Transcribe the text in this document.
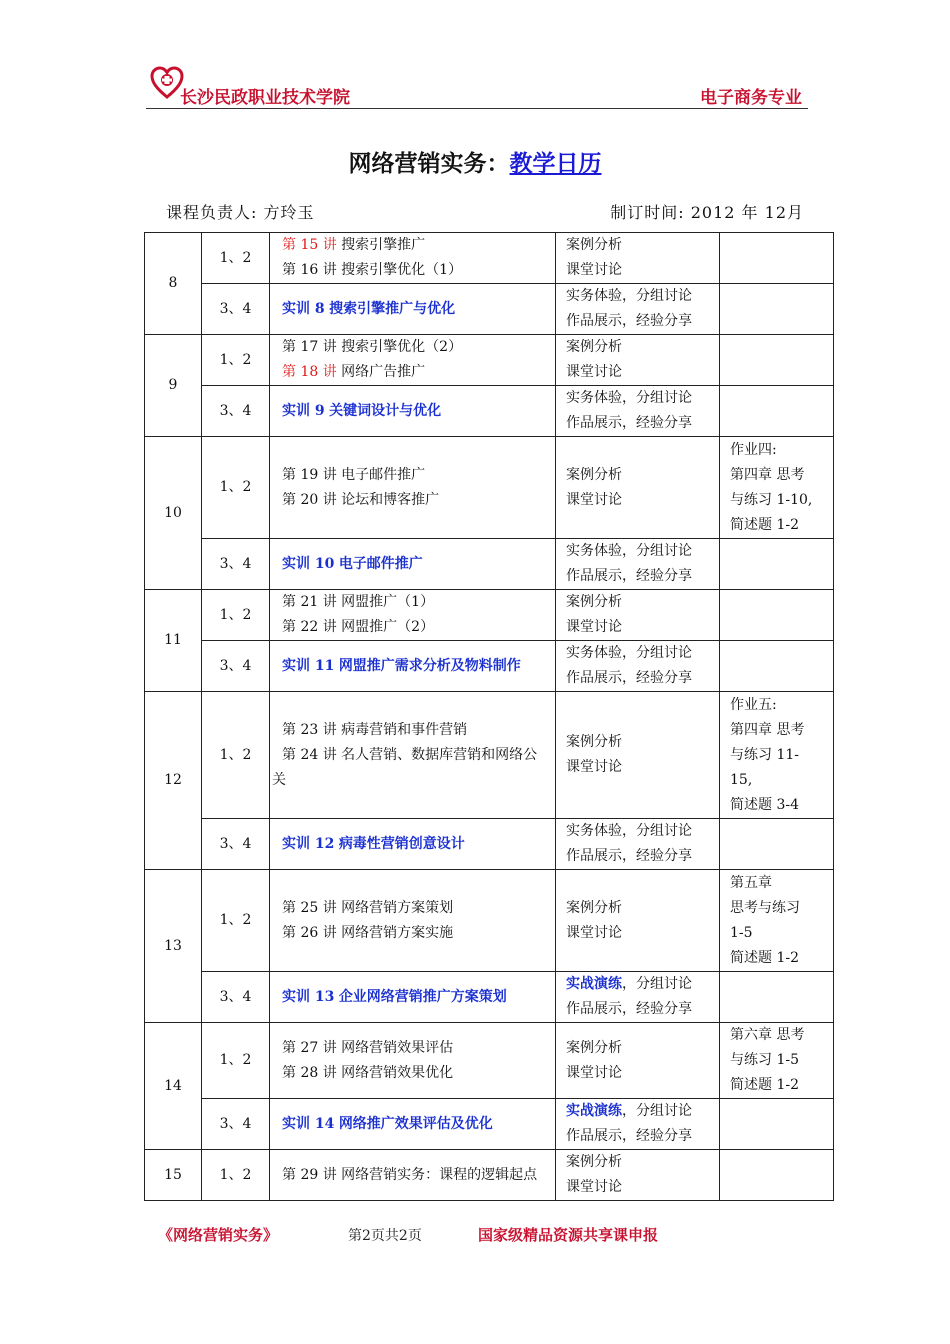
长沙民政职业技术学院	电子商务专业
网络营销实务：教学日历
课程负责人: 方玲玉	制订时间: 2012 年 12月
8	1、2	第 15 讲 搜索引擎推广
第 16 讲 搜索引擎优化（1）	案例分析
课堂讨论	

	3、4	实训 8 搜索引擎推广与优化	实务体验，分组讨论
作品展示，经验分享	

9	1、2	第 17 讲 搜索引擎优化（2）
第 18 讲 网络广告推广	案例分析
课堂讨论	

	3、4	实训 9 关键词设计与优化	实务体验，分组讨论
作品展示，经验分享	

10	1、2	第 19 讲 电子邮件推广
第 20 讲 论坛和博客推广	案例分析
课堂讨论	作业四:
第四章 思考
与练习 1-10,
简述题 1-2

	3、4	实训 10 电子邮件推广	实务体验，分组讨论
作品展示，经验分享	

11	1、2	第 21 讲 网盟推广（1）
第 22 讲 网盟推广（2）	案例分析
课堂讨论	

	3、4	实训 11 网盟推广需求分析及物料制作	实务体验，分组讨论
作品展示，经验分享	

12	1、2	第 23 讲 病毒营销和事件营销
第 24 讲 名人营销、数据库营销和网络公关	案例分析
课堂讨论	作业五:
第四章 思考
与练习 11-
15,
简述题 3-4

	3、4	实训 12 病毒性营销创意设计	实务体验，分组讨论
作品展示，经验分享	

13	1、2	第 25 讲 网络营销方案策划
第 26 讲 网络营销方案实施	案例分析
课堂讨论	第五章
思考与练习
1-5
简述题 1-2

	3、4	实训 13 企业网络营销推广方案策划	实战演练，分组讨论
作品展示，经验分享	

14	1、2	第 27 讲 网络营销效果评估
第 28 讲 网络营销效果优化	案例分析
课堂讨论	第六章 思考
与练习 1-5
简述题 1-2

	3、4	实训 14 网络推广效果评估及优化	实战演练，分组讨论
作品展示，经验分享	

15	1、2	第 29 讲 网络营销实务：课程的逻辑起点	案例分析
课堂讨论	

《网络营销实务》	第2页共2页	国家级精品资源共享课申报
